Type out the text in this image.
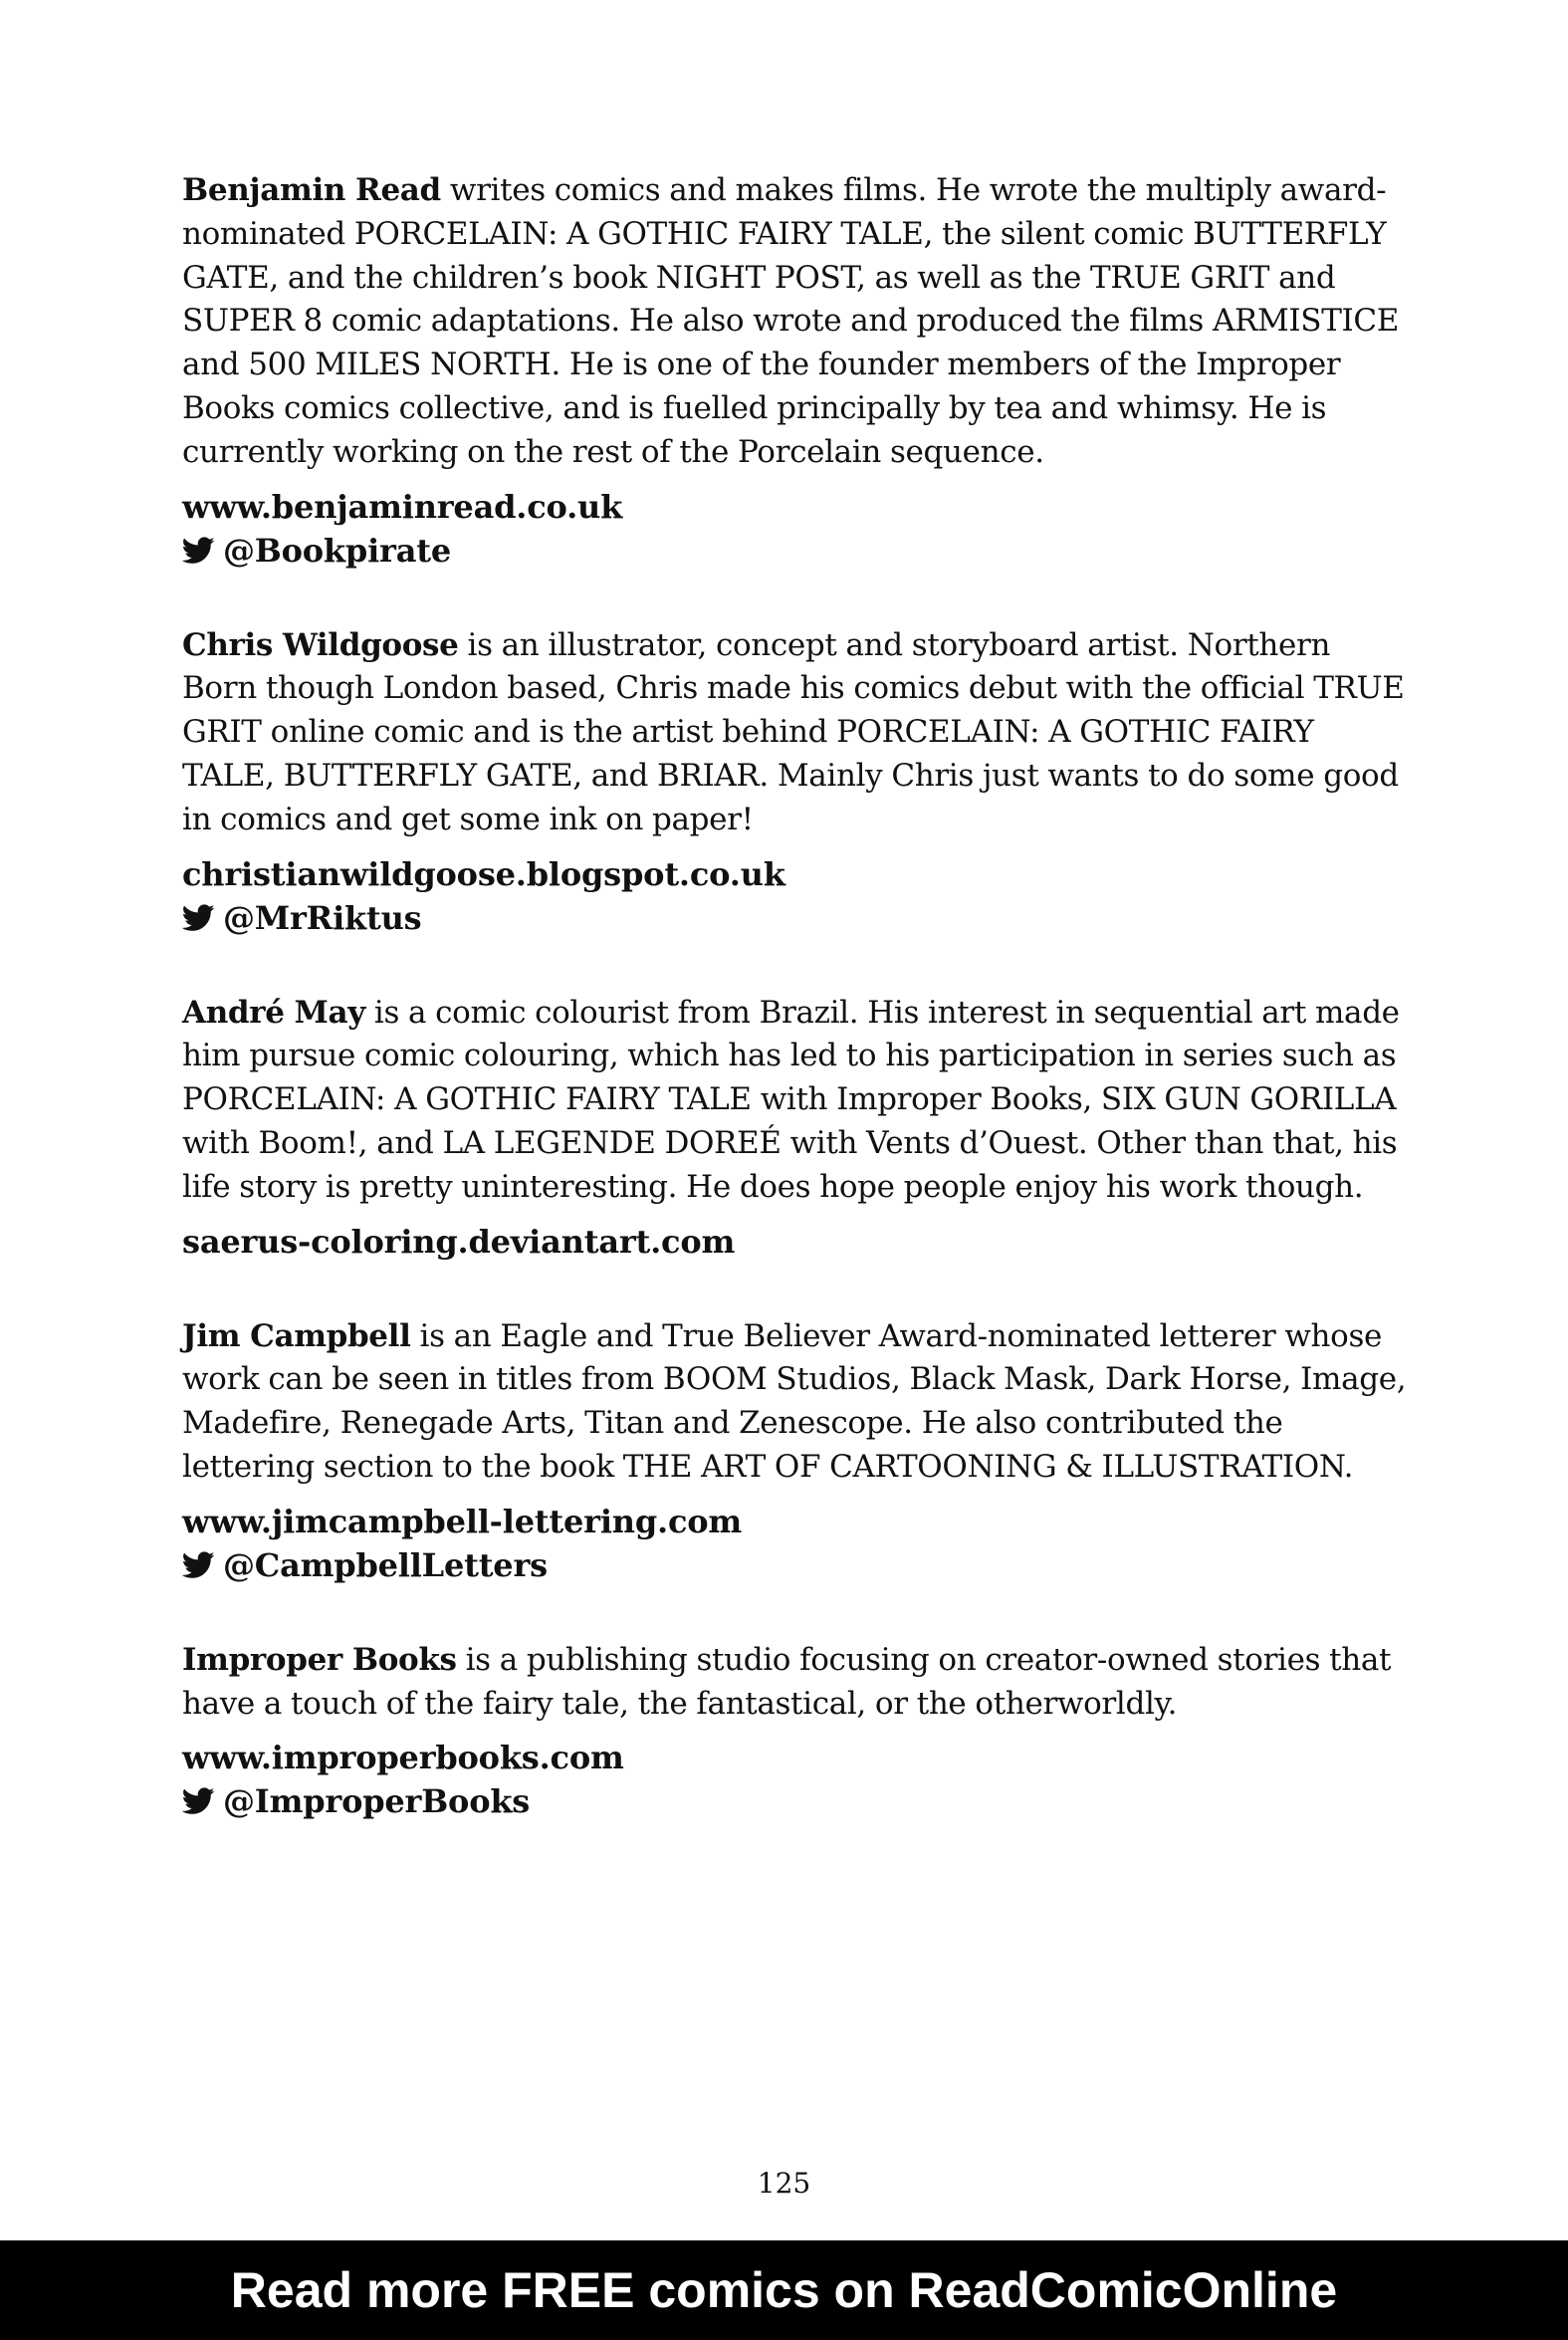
Benjamin Read writes comics and makes films. He wrote the multiply award-nominated PORCELAIN: A GOTHIC FAIRY TALE, the silent comic BUTTERFLY GATE, and the children’s book NIGHT POST, as well as the TRUE GRIT and SUPER 8 comic adaptations. He also wrote and produced the films ARMISTICE and 500 MILES NORTH. He is one of the founder members of the Improper Books comics collective, and is fuelled principally by tea and whimsy. He is currently working on the rest of the Porcelain sequence.

www.benjaminread.co.uk
@Bookpirate

Chris Wildgoose is an illustrator, concept and storyboard artist. Northern Born though London based, Chris made his comics debut with the official TRUE GRIT online comic and is the artist behind PORCELAIN: A GOTHIC FAIRY TALE, BUTTERFLY GATE, and BRIAR. Mainly Chris just wants to do some good in comics and get some ink on paper!

christianwildgoose.blogspot.co.uk
@MrRiktus

André May is a comic colourist from Brazil. His interest in sequential art made him pursue comic colouring, which has led to his participation in series such as PORCELAIN: A GOTHIC FAIRY TALE with Improper Books, SIX GUN GORILLA with Boom!, and LA LEGENDE DOREÉ with Vents d’Ouest. Other than that, his life story is pretty uninteresting. He does hope people enjoy his work though.

saerus-coloring.deviantart.com

Jim Campbell is an Eagle and True Believer Award-nominated letterer whose work can be seen in titles from BOOM Studios, Black Mask, Dark Horse, Image, Madefire, Renegade Arts, Titan and Zenescope. He also contributed the lettering section to the book THE ART OF CARTOONING & ILLUSTRATION.

www.jimcampbell-lettering.com
@CampbellLetters

Improper Books is a publishing studio focusing on creator-owned stories that have a touch of the fairy tale, the fantastical, or the otherworldly.

www.improperbooks.com
@ImproperBooks
125
Read more FREE comics on ReadComicOnline
